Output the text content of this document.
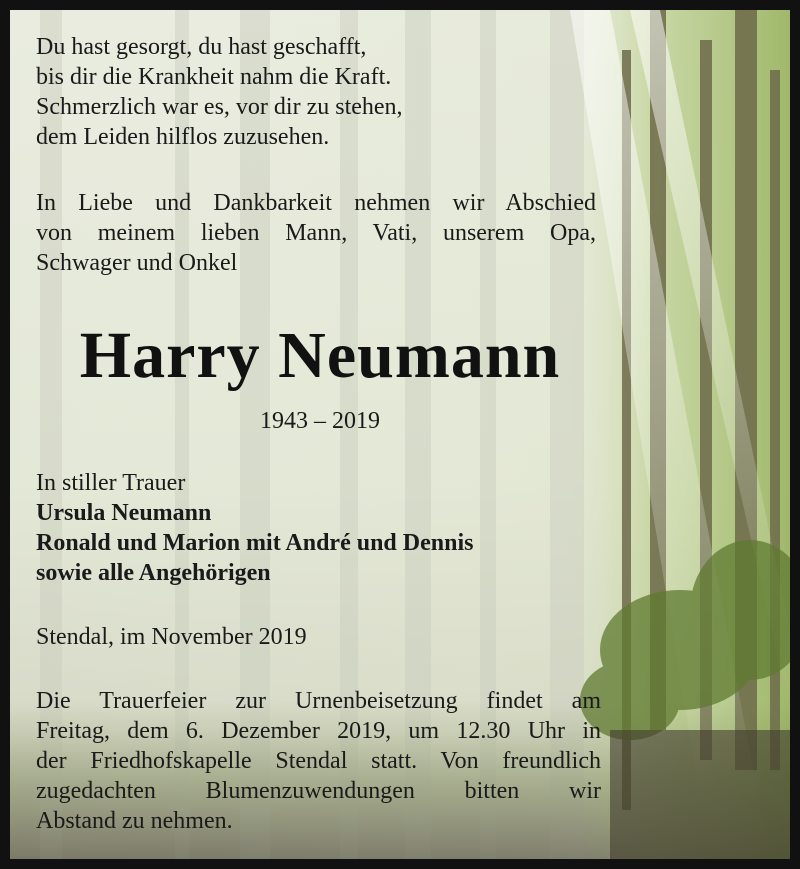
Du hast gesorgt, du hast geschafft,
bis dir die Krankheit nahm die Kraft.
Schmerzlich war es, vor dir zu stehen,
dem Leiden hilflos zuzusehen.
In Liebe und Dankbarkeit nehmen wir Abschied
von meinem lieben Mann, Vati, unserem Opa,
Schwager und Onkel
Harry Neumann
1943 – 2019
In stiller Trauer
Ursula Neumann
Ronald und Marion mit André und Dennis
sowie alle Angehörigen
Stendal, im November 2019
Die Trauerfeier zur Urnenbeisetzung findet am
Freitag, dem 6. Dezember 2019, um 12.30 Uhr in
der Friedhofskapelle Stendal statt. Von freundlich
zugedachten Blumenzuwendungen bitten wir
Abstand zu nehmen.
